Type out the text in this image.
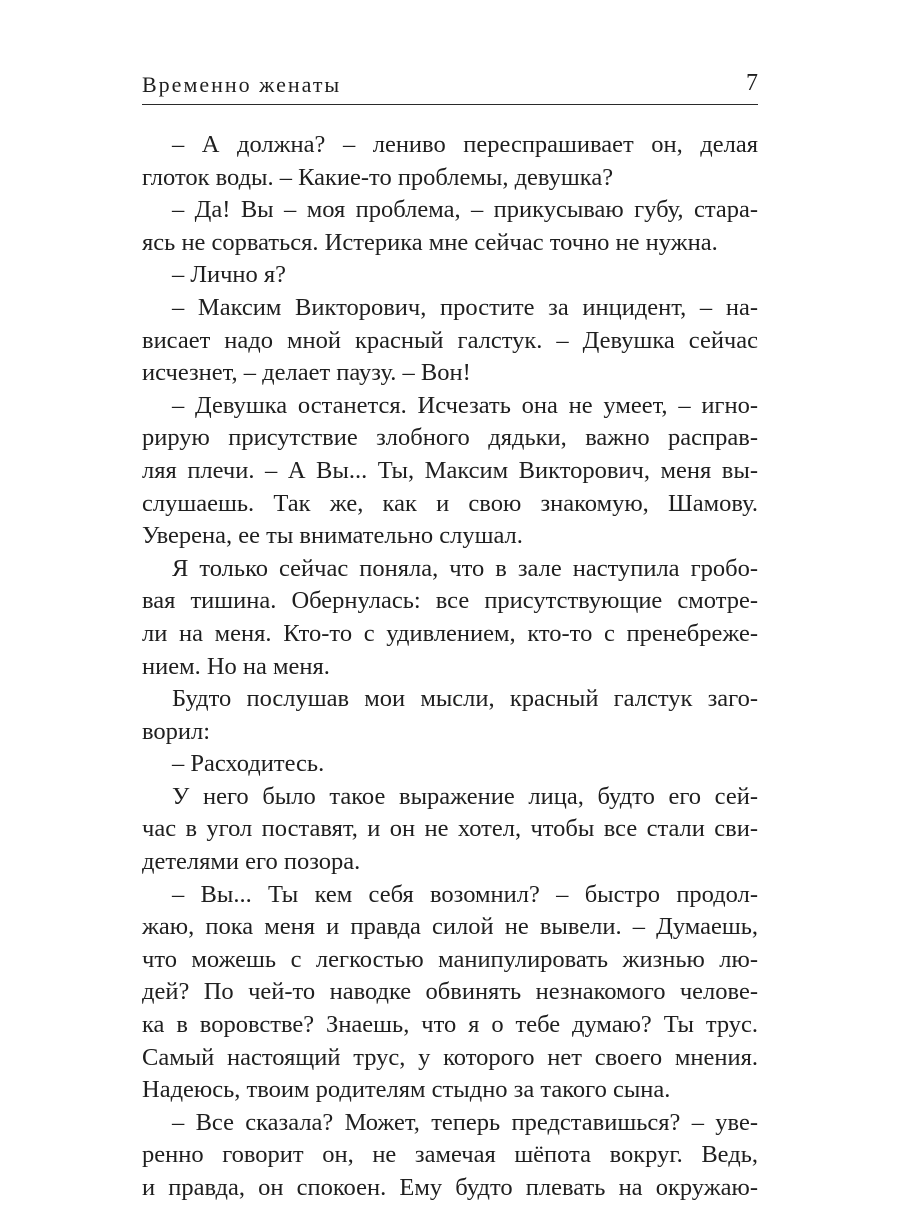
Временно женаты	7
– А должна? – лениво переспрашивает он, делая
глоток воды. – Какие-то проблемы, девушка?
– Да! Вы – моя проблема, – прикусываю губу, стара-
ясь не сорваться. Истерика мне сейчас точно не нужна.
– Лично я?
– Максим Викторович, простите за инцидент, – на-
висает надо мной красный галстук. – Девушка сейчас
исчезнет, – делает паузу. – Вон!
– Девушка останется. Исчезать она не умеет, – игно-
рирую присутствие злобного дядьки, важно расправ-
ляя плечи. – А Вы... Ты, Максим Викторович, меня вы-
слушаешь. Так же, как и свою знакомую, Шамову.
Уверена, ее ты внимательно слушал.
Я только сейчас поняла, что в зале наступила гробо-
вая тишина. Обернулась: все присутствующие смотре-
ли на меня. Кто-то с удивлением, кто-то с пренебреже-
нием. Но на меня.
Будто послушав мои мысли, красный галстук заго-
ворил:
– Расходитесь.
У него было такое выражение лица, будто его сей-
час в угол поставят, и он не хотел, чтобы все стали сви-
детелями его позора.
– Вы... Ты кем себя возомнил? – быстро продол-
жаю, пока меня и правда силой не вывели. – Думаешь,
что можешь с легкостью манипулировать жизнью лю-
дей? По чей-то наводке обвинять незнакомого челове-
ка в воровстве? Знаешь, что я о тебе думаю? Ты трус.
Самый настоящий трус, у которого нет своего мнения.
Надеюсь, твоим родителям стыдно за такого сына.
– Все сказала? Может, теперь представишься? – уве-
ренно говорит он, не замечая шёпота вокруг. Ведь,
и правда, он спокоен. Ему будто плевать на окружаю-
